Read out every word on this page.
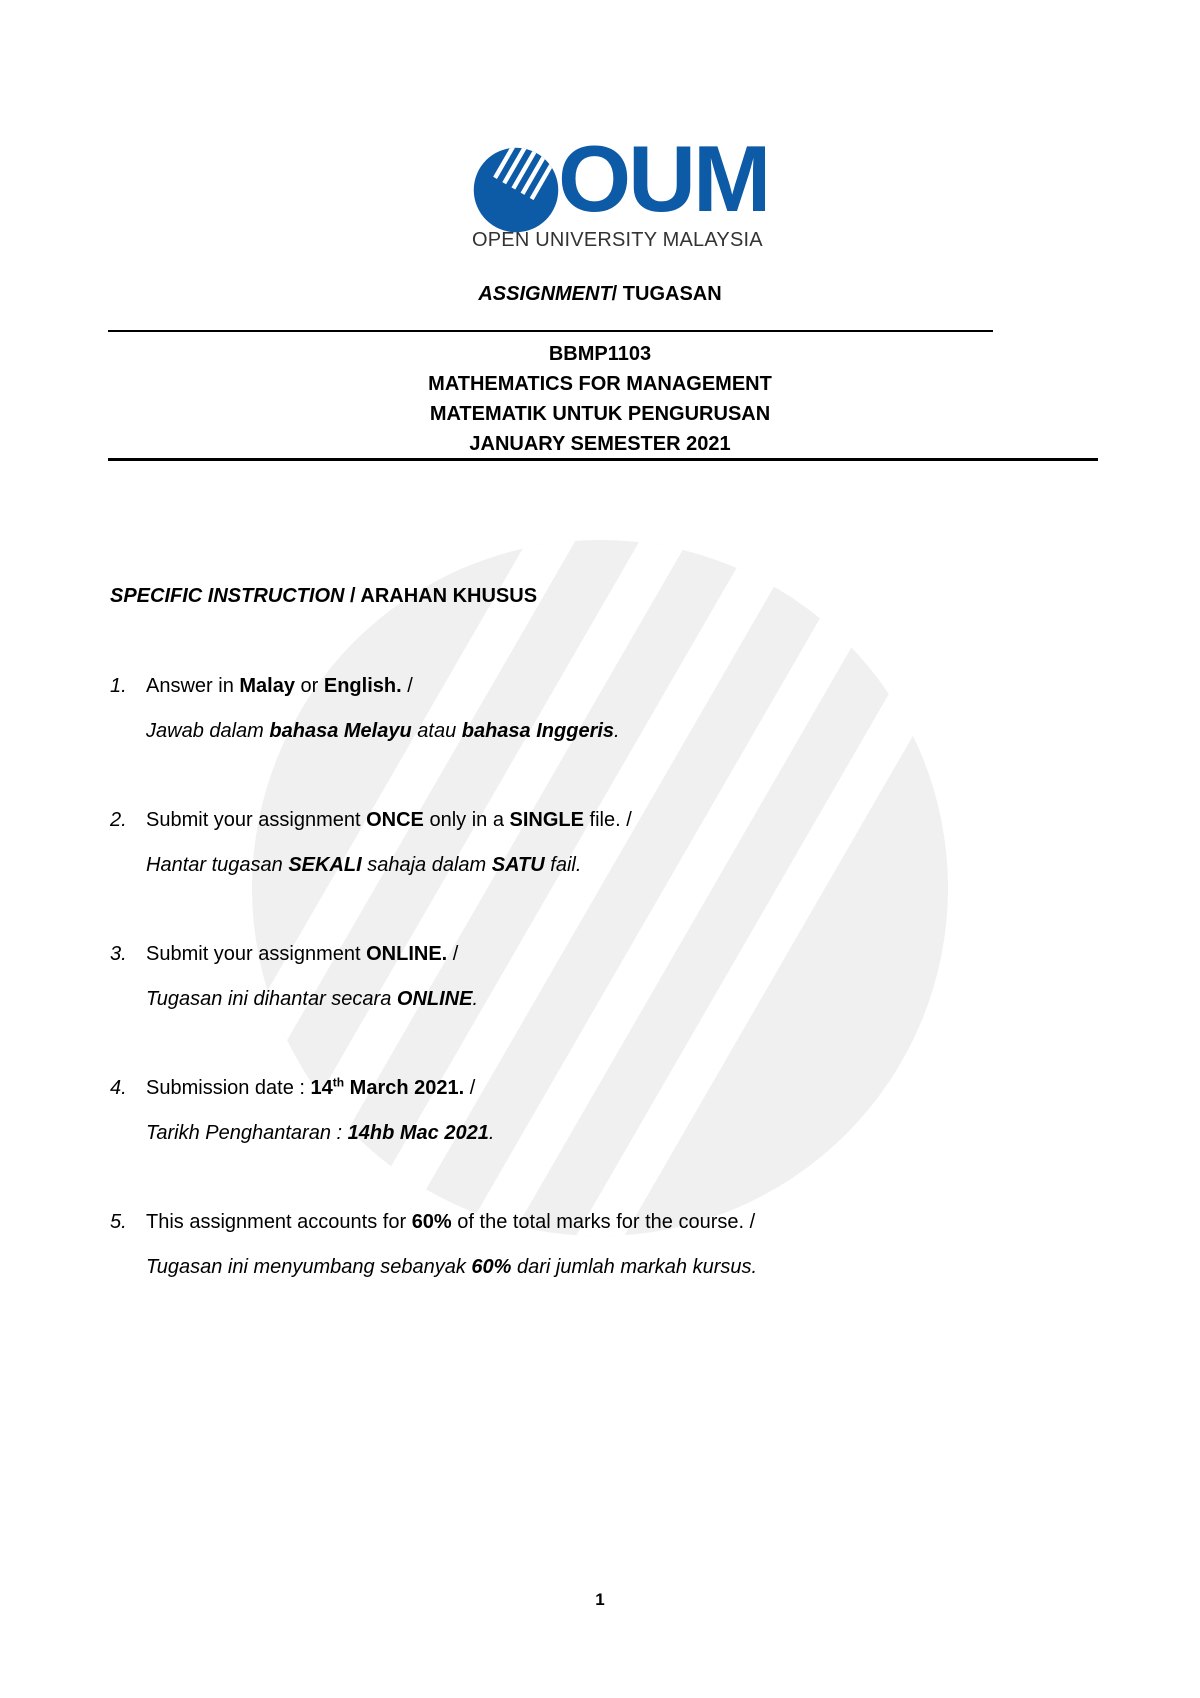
OUM
OPEN UNIVERSITY MALAYSIA
ASSIGNMENT/ TUGASAN
BBMP1103
MATHEMATICS FOR MANAGEMENT
MATEMATIK UNTUK PENGURUSAN
JANUARY SEMESTER 2021
SPECIFIC INSTRUCTION / ARAHAN KHUSUS
1. Answer in Malay or English. /
Jawab dalam bahasa Melayu atau bahasa Inggeris.
2. Submit your assignment ONCE only in a SINGLE file. /
Hantar tugasan SEKALI sahaja dalam SATU fail.
3. Submit your assignment ONLINE. /
Tugasan ini dihantar secara ONLINE.
4. Submission date : 14th March 2021. /
Tarikh Penghantaran : 14hb Mac 2021.
5. This assignment accounts for 60% of the total marks for the course. /
Tugasan ini menyumbang sebanyak 60% dari jumlah markah kursus.
1
